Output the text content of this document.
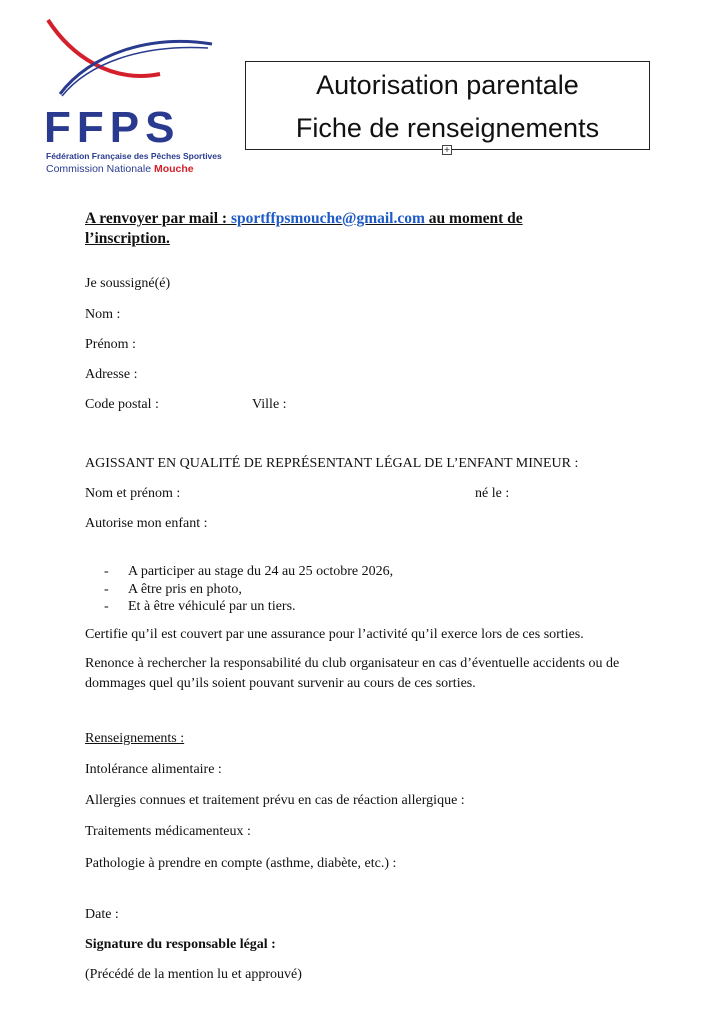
FFPS
Fédération Française des Pêches Sportives
Commission Nationale Mouche
Autorisation parentale
Fiche de renseignements
+
A renvoyer par mail : sportffpsmouche@gmail.com au moment de l’inscription.
Je soussigné(é)
Nom :
Prénom :
Adresse :
Code postal :	Ville :
AGISSANT EN QUALITÉ DE REPRÉSENTANT LÉGAL DE L’ENFANT MINEUR :
Nom et prénom :	né le :
Autorise mon enfant :
- A participer au stage du 24 au 25 octobre 2026,
- A être pris en photo,
- Et à être véhiculé par un tiers.
Certifie qu’il est couvert par une assurance pour l’activité qu’il exerce lors de ces sorties.
Renonce à rechercher la responsabilité du club organisateur en cas d’éventuelle accidents ou de dommages quel qu’ils soient pouvant survenir au cours de ces sorties.
Renseignements :
Intolérance alimentaire :
Allergies connues et traitement prévu en cas de réaction allergique :
Traitements médicamenteux :
Pathologie à prendre en compte (asthme, diabète, etc.) :
Date :
Signature du responsable légal :
(Précédé de la mention lu et approuvé)
